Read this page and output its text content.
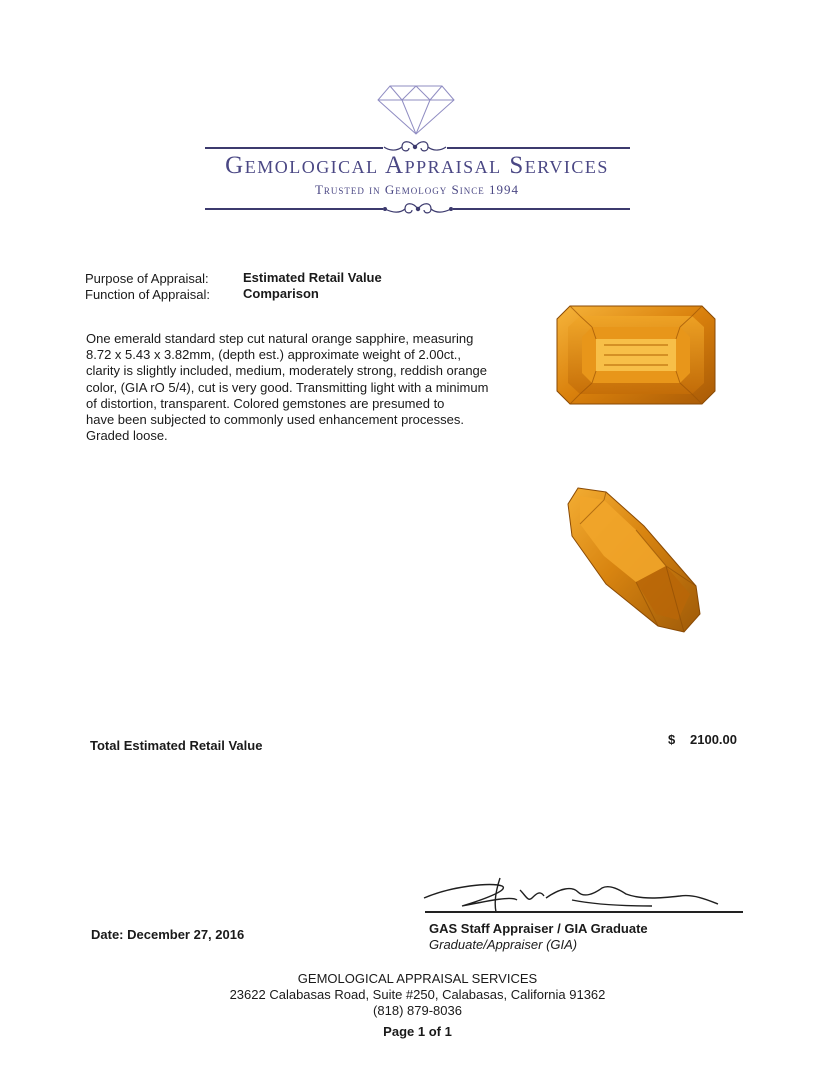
Gemological Appraisal Services
Trusted in Gemology Since 1994
Purpose of Appraisal:	Estimated Retail Value
Function of Appraisal:	Comparison

One emerald standard step cut natural orange sapphire, measuring

8.72 x 5.43 x 3.82mm, (depth est.) approximate weight of 2.00ct.,

clarity is slightly included, medium, moderately strong, reddish orange

color, (GIA rO 5/4), cut is very good. Transmitting light with a minimum

of distortion, transparent. Colored gemstones are presumed to

have been subjected to commonly used enhancement processes.

Graded loose.

Total Estimated Retail Value	$ 2100.00
Date: December 27, 2016	GAS Staff Appraiser / GIA Graduate
Graduate/Appraiser (GIA)
GEMOLOGICAL APPRAISAL SERVICES
23622 Calabasas Road, Suite #250, Calabasas, California 91362
(818) 879-8036
Page 1 of 1
